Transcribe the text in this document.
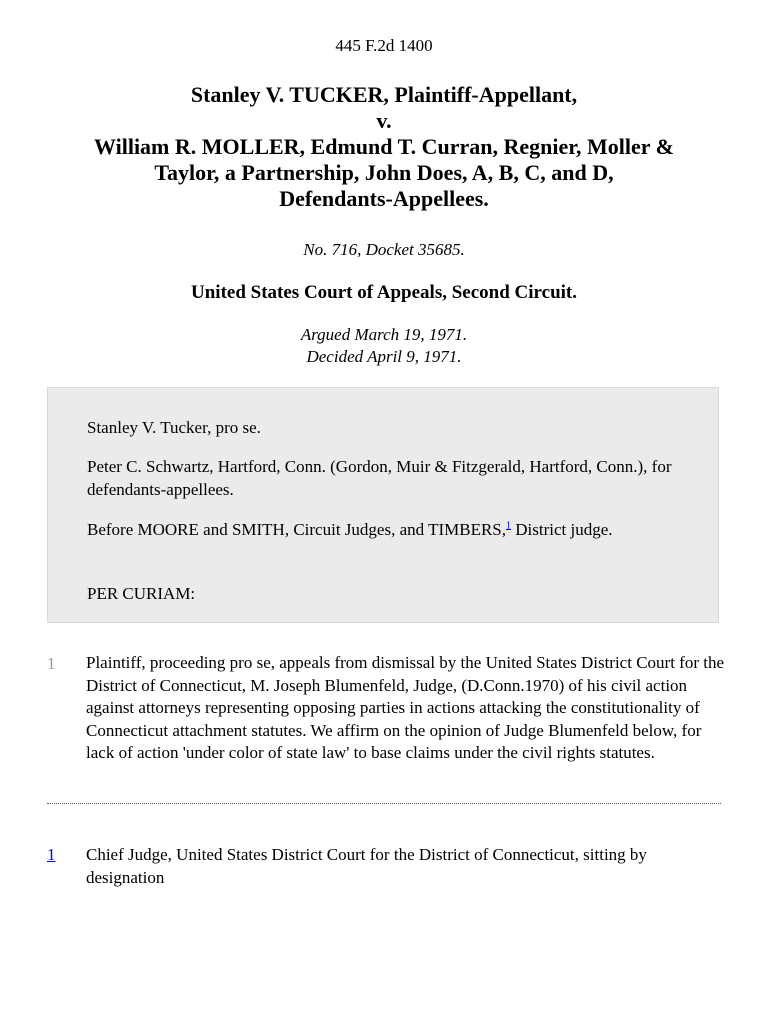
445 F.2d 1400
Stanley V. TUCKER, Plaintiff-Appellant,
v.
William R. MOLLER, Edmund T. Curran, Regnier, Moller &
Taylor, a Partnership, John Does, A, B, C, and D,
Defendants-Appellees.
No. 716, Docket 35685.
United States Court of Appeals, Second Circuit.
Argued March 19, 1971.
Decided April 9, 1971.

Stanley V. Tucker, pro se.

Peter C. Schwartz, Hartford, Conn. (Gordon, Muir & Fitzgerald, Hartford, Conn.), for defendants-appellees.

Before MOORE and SMITH, Circuit Judges, and TIMBERS,$^1$ District judge.

PER CURIAM:

1 Plaintiff, proceeding pro se, appeals from dismissal by the United States District Court for the District of Connecticut, M. Joseph Blumenfeld, Judge, (D.Conn.1970) of his civil action against attorneys representing opposing parties in actions attacking the constitutionality of Connecticut attachment statutes. We affirm on the opinion of Judge Blumenfeld below, for lack of action 'under color of state law' to base claims under the civil rights statutes.

1 Chief Judge, United States District Court for the District of Connecticut, sitting by designation
